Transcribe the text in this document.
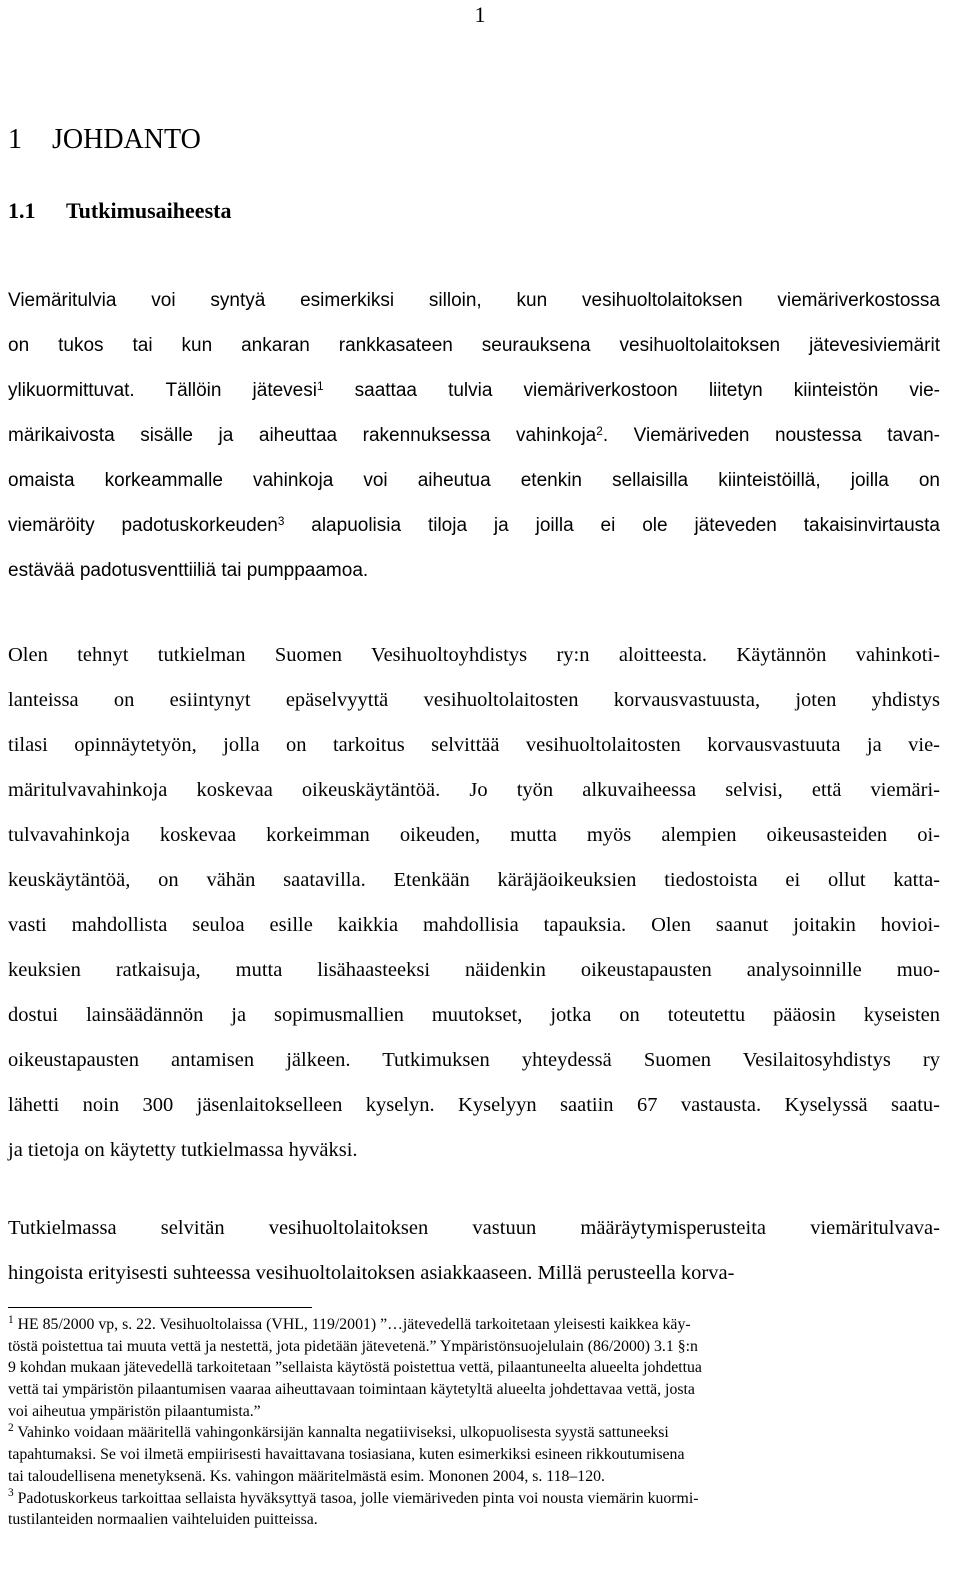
1
1 JOHDANTO
1.1 Tutkimusaiheesta
Viemäritulvia voi syntyä esimerkiksi silloin, kun vesihuoltolaitoksen viemäriverkostossa
on tukos tai kun ankaran rankkasateen seurauksena vesihuoltolaitoksen jätevesiviemärit
ylikuormittuvat. Tällöin jätevesi$^1$ saattaa tulvia viemäriverkostoon liitetyn kiinteistön vie-
märikaivosta sisälle ja aiheuttaa rakennuksessa vahinkoja$^2$. Viemäriveden noustessa tavan-
omaista korkeammalle vahinkoja voi aiheutua etenkin sellaisilla kiinteistöillä, joilla on
viemäröity padotuskorkeuden$^3$ alapuolisia tiloja ja joilla ei ole jäteveden takaisinvirtausta
estävää padotusventtiiliä tai pumppaamoa.
Olen tehnyt tutkielman Suomen Vesihuoltoyhdistys ry:n aloitteesta. Käytännön vahinkoti-
lanteissa on esiintynyt epäselvyyttä vesihuoltolaitosten korvausvastuusta, joten yhdistys
tilasi opinnäytetyön, jolla on tarkoitus selvittää vesihuoltolaitosten korvausvastuuta ja vie-
märitulvavahinkoja koskevaa oikeuskäytäntöä. Jo työn alkuvaiheessa selvisi, että viemäri-
tulvavahinkoja koskevaa korkeimman oikeuden, mutta myös alempien oikeusasteiden oi-
keuskäytäntöä, on vähän saatavilla. Etenkään käräjäoikeuksien tiedostoista ei ollut katta-
vasti mahdollista seuloa esille kaikkia mahdollisia tapauksia. Olen saanut joitakin hovioi-
keuksien ratkaisuja, mutta lisähaasteeksi näidenkin oikeustapausten analysoinnille muo-
dostui lainsäädännön ja sopimusmallien muutokset, jotka on toteutettu pääosin kyseisten
oikeustapausten antamisen jälkeen. Tutkimuksen yhteydessä Suomen Vesilaitosyhdistys ry
lähetti noin 300 jäsenlaitokselleen kyselyn. Kyselyyn saatiin 67 vastausta. Kyselyssä saatu-
ja tietoja on käytetty tutkielmassa hyväksi.
Tutkielmassa selvitän vesihuoltolaitoksen vastuun määräytymisperusteita viemäritulvava-
hingoista erityisesti suhteessa vesihuoltolaitoksen asiakkaaseen. Millä perusteella korva-
$^1$ HE 85/2000 vp, s. 22. Vesihuoltolaissa (VHL, 119/2001) ”…jätevedellä tarkoitetaan yleisesti kaikkea käy-
töstä poistettua tai muuta vettä ja nestettä, jota pidetään jätevetenä.” Ympäristönsuojelulain (86/2000) 3.1 §:n
9 kohdan mukaan jätevedellä tarkoitetaan ”sellaista käytöstä poistettua vettä, pilaantuneelta alueelta johdettua
vettä tai ympäristön pilaantumisen vaaraa aiheuttavaan toimintaan käytetyltä alueelta johdettavaa vettä, josta
voi aiheutua ympäristön pilaantumista.”
$^2$ Vahinko voidaan määritellä vahingonkärsijän kannalta negatiiviseksi, ulkopuolisesta syystä sattuneeksi
tapahtumaksi. Se voi ilmetä empiirisesti havaittavana tosiasiana, kuten esimerkiksi esineen rikkoutumisena
tai taloudellisena menetyksenä. Ks. vahingon määritelmästä esim. Mononen 2004, s. 118–120.
$^3$ Padotuskorkeus tarkoittaa sellaista hyväksyttyä tasoa, jolle viemäriveden pinta voi nousta viemärin kuormi-
tustilanteiden normaalien vaihteluiden puitteissa.
